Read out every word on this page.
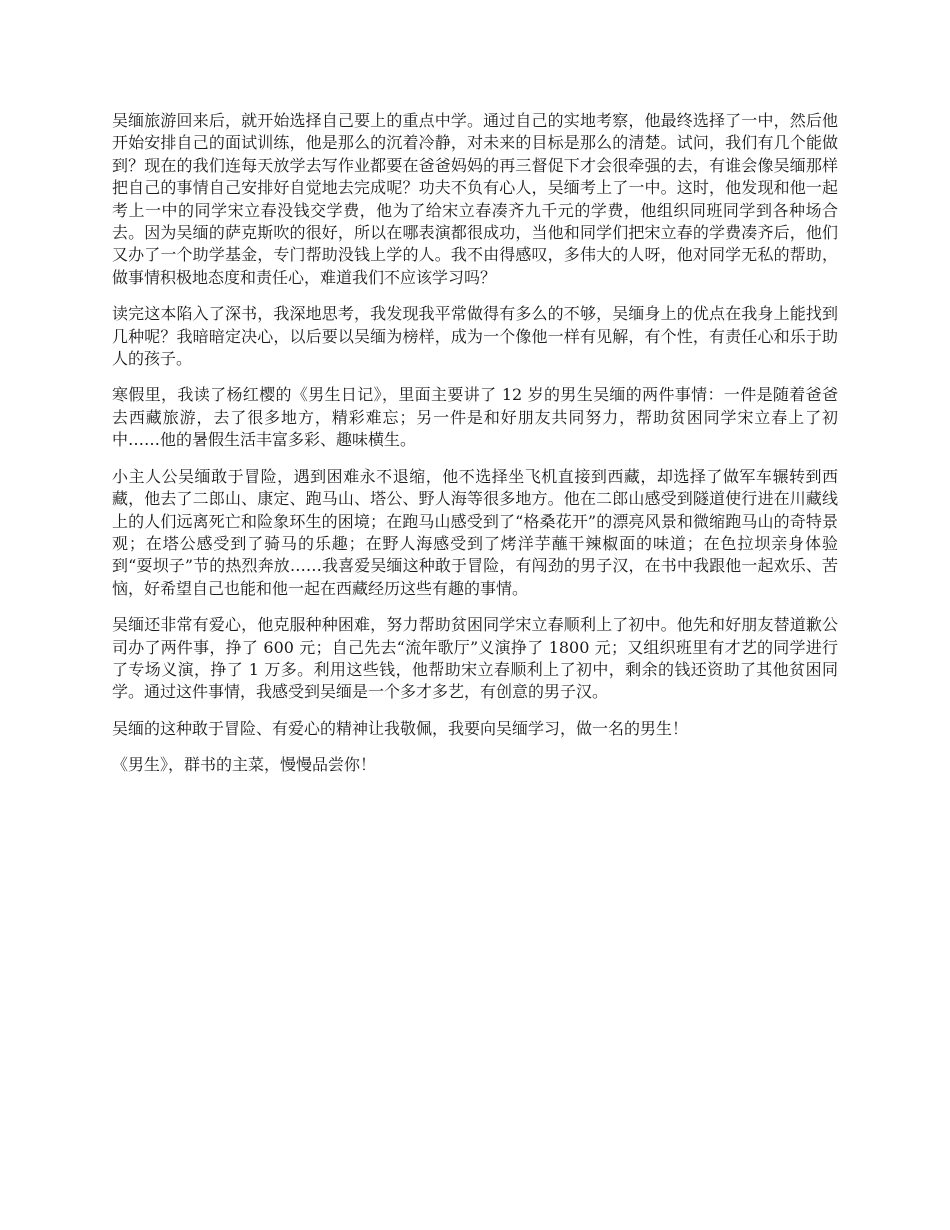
吴缅旅游回来后，就开始选择自己要上的重点中学。通过自己的实地考察，他最终选择了一中，然后他开始安排自己的面试训练，他是那么的沉着冷静，对未来的目标是那么的清楚。试问，我们有几个能做到？现在的我们连每天放学去写作业都要在爸爸妈妈的再三督促下才会很牵强的去，有谁会像吴缅那样把自己的事情自己安排好自觉地去完成呢？功夫不负有心人，吴缅考上了一中。这时，他发现和他一起考上一中的同学宋立春没钱交学费，他为了给宋立春凑齐九千元的学费，他组织同班同学到各种场合去。因为吴缅的萨克斯吹的很好，所以在哪表演都很成功，当他和同学们把宋立春的学费凑齐后，他们又办了一个助学基金，专门帮助没钱上学的人。我不由得感叹，多伟大的人呀，他对同学无私的帮助，做事情积极地态度和责任心，难道我们不应该学习吗？

读完这本陷入了深书，我深地思考，我发现我平常做得有多么的不够，吴缅身上的优点在我身上能找到几种呢？我暗暗定决心，以后要以吴缅为榜样，成为一个像他一样有见解，有个性，有责任心和乐于助人的孩子。

寒假里，我读了杨红樱的《男生日记》，里面主要讲了 12 岁的男生吴缅的两件事情：一件是随着爸爸去西藏旅游，去了很多地方，精彩难忘；另一件是和好朋友共同努力，帮助贫困同学宋立春上了初中……他的暑假生活丰富多彩、趣味横生。

小主人公吴缅敢于冒险，遇到困难永不退缩，他不选择坐飞机直接到西藏，却选择了做军车辗转到西藏，他去了二郎山、康定、跑马山、塔公、野人海等很多地方。他在二郎山感受到隧道使行进在川藏线上的人们远离死亡和险象环生的困境；在跑马山感受到了“格桑花开”的漂亮风景和微缩跑马山的奇特景观；在塔公感受到了骑马的乐趣；在野人海感受到了烤洋芋蘸干辣椒面的味道；在色拉坝亲身体验到“耍坝子”节的热烈奔放……我喜爱吴缅这种敢于冒险，有闯劲的男子汉，在书中我跟他一起欢乐、苦恼，好希望自己也能和他一起在西藏经历这些有趣的事情。

吴缅还非常有爱心，他克服种种困难，努力帮助贫困同学宋立春顺利上了初中。他先和好朋友替道歉公司办了两件事，挣了 600 元；自己先去“流年歌厅”义演挣了 1800 元；又组织班里有才艺的同学进行了专场义演，挣了 1 万多。利用这些钱，他帮助宋立春顺利上了初中，剩余的钱还资助了其他贫困同学。通过这件事情，我感受到吴缅是一个多才多艺，有创意的男子汉。

吴缅的这种敢于冒险、有爱心的精神让我敬佩，我要向吴缅学习，做一名的男生！

《男生》，群书的主菜，慢慢品尝你！
